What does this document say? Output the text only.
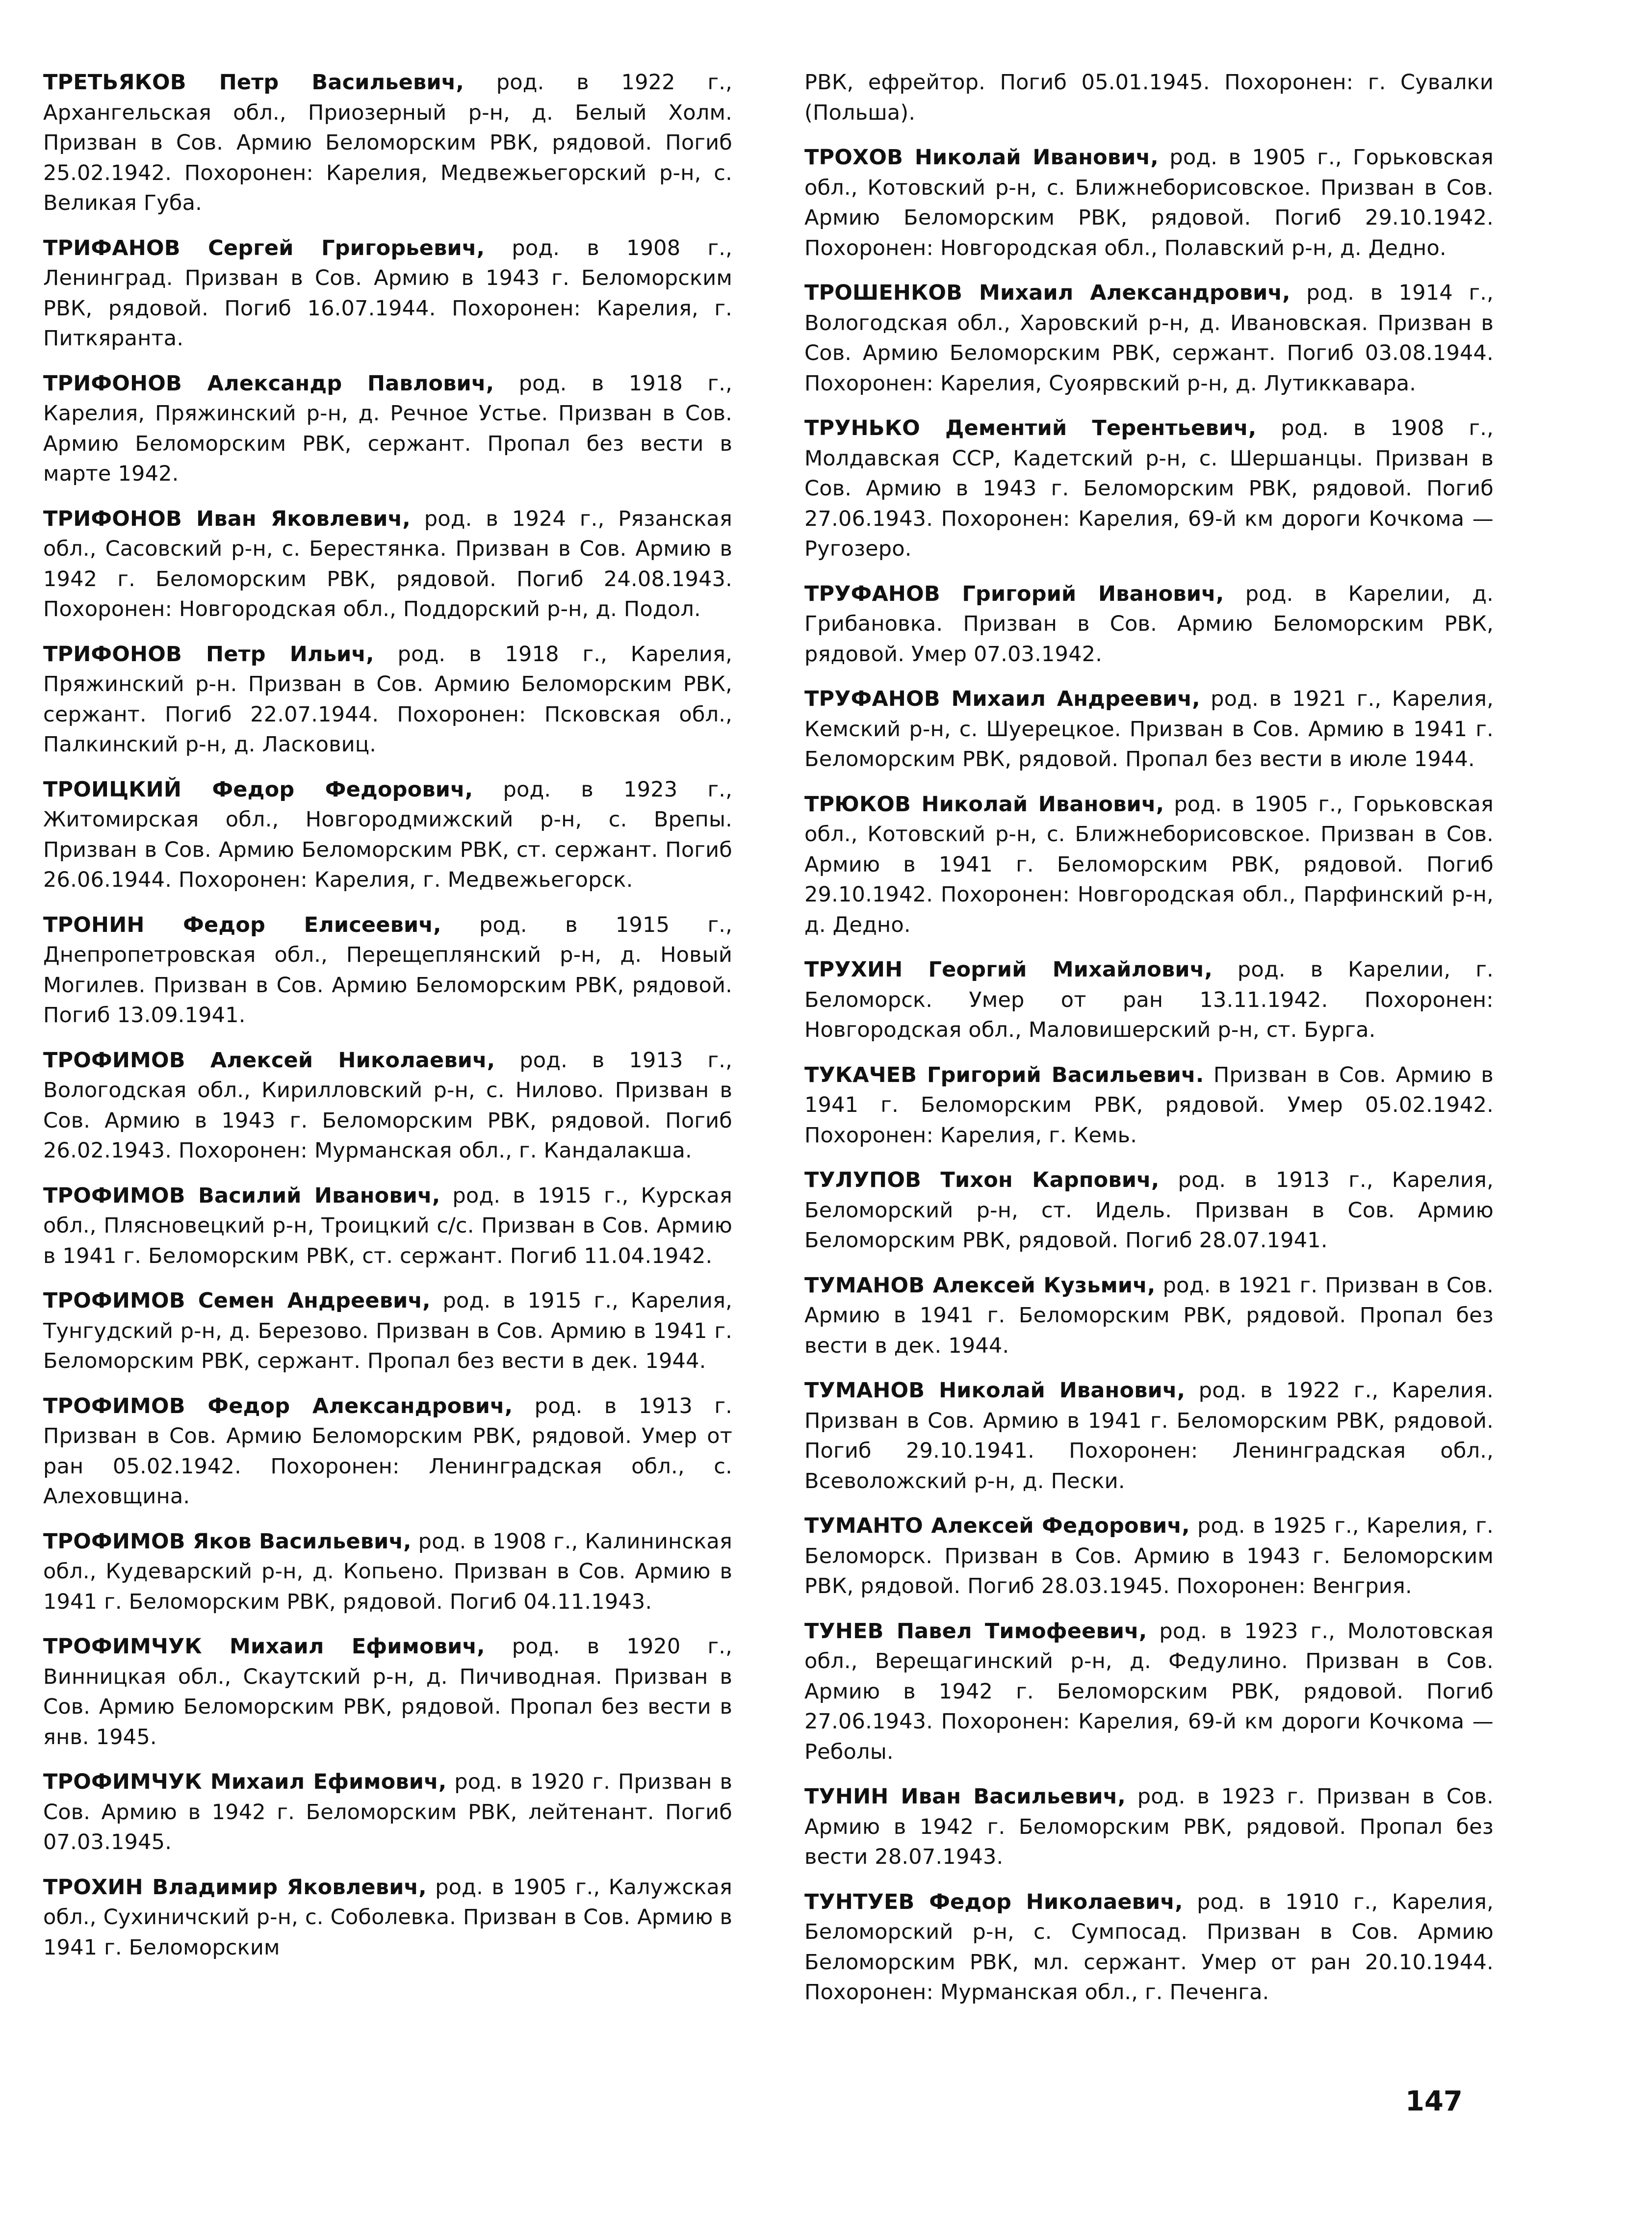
ТРЕТЬЯКОВ Петр Васильевич, род. в 1922 г., Архангельская обл., Приозерный р-н, д. Белый Холм. Призван в Сов. Армию Беломорским РВК, рядовой. Погиб 25.02.1942. Похоронен: Карелия, Медвежьегорский р-н, с. Великая Губа.

ТРИФАНОВ Сергей Григорьевич, род. в 1908 г., Ленинград. Призван в Сов. Армию в 1943 г. Беломорским РВК, рядовой. Погиб 16.07.1944. Похоронен: Карелия, г. Питкяранта.

ТРИФОНОВ Александр Павлович, род. в 1918 г., Карелия, Пряжинский р-н, д. Речное Устье. Призван в Сов. Армию Беломорским РВК, сержант. Пропал без вести в марте 1942.

ТРИФОНОВ Иван Яковлевич, род. в 1924 г., Рязанская обл., Сасовский р-н, с. Берестянка. Призван в Сов. Армию в 1942 г. Беломорским РВК, рядовой. Погиб 24.08.1943. Похоронен: Новгородская обл., Поддорский р-н, д. Подол.

ТРИФОНОВ Петр Ильич, род. в 1918 г., Карелия, Пряжинский р-н. Призван в Сов. Армию Беломорским РВК, сержант. Погиб 22.07.1944. Похоронен: Псковская обл., Палкинский р-н, д. Ласковиц.

ТРОИЦКИЙ Федор Федорович, род. в 1923 г., Житомирская обл., Новгородмижский р-н, с. Врепы. Призван в Сов. Армию Беломорским РВК, ст. сержант. Погиб 26.06.1944. Похоронен: Карелия, г. Медвежьегорск.

ТРОНИН Федор Елисеевич, род. в 1915 г., Днепропетровская обл., Перещеплянский р-н, д. Новый Могилев. Призван в Сов. Армию Беломорским РВК, рядовой. Погиб 13.09.1941.

ТРОФИМОВ Алексей Николаевич, род. в 1913 г., Вологодская обл., Кирилловский р-н, с. Нилово. Призван в Сов. Армию в 1943 г. Беломорским РВК, рядовой. Погиб 26.02.1943. Похоронен: Мурманская обл., г. Кандалакша.

ТРОФИМОВ Василий Иванович, род. в 1915 г., Курская обл., Плясновецкий р-н, Троицкий с/с. Призван в Сов. Армию в 1941 г. Беломорским РВК, ст. сержант. Погиб 11.04.1942.

ТРОФИМОВ Семен Андреевич, род. в 1915 г., Карелия, Тунгудский р-н, д. Березово. Призван в Сов. Армию в 1941 г. Беломорским РВК, сержант. Пропал без вести в дек. 1944.

ТРОФИМОВ Федор Александрович, род. в 1913 г. Призван в Сов. Армию Беломорским РВК, рядовой. Умер от ран 05.02.1942. Похоронен: Ленинградская обл., с. Алеховщина.

ТРОФИМОВ Яков Васильевич, род. в 1908 г., Калининская обл., Кудеварский р-н, д. Копьено. Призван в Сов. Армию в 1941 г. Беломорским РВК, рядовой. Погиб 04.11.1943.

ТРОФИМЧУК Михаил Ефимович, род. в 1920 г., Винницкая обл., Скаутский р-н, д. Пичиводная. Призван в Сов. Армию Беломорским РВК, рядовой. Пропал без вести в янв. 1945.

ТРОФИМЧУК Михаил Ефимович, род. в 1920 г. Призван в Сов. Армию в 1942 г. Беломорским РВК, лейтенант. Погиб 07.03.1945.

ТРОХИН Владимир Яковлевич, род. в 1905 г., Калужская обл., Сухиничский р-н, с. Соболевка. Призван в Сов. Армию в 1941 г. Беломорским

РВК, ефрейтор. Погиб 05.01.1945. Похоронен: г. Сувалки (Польша).

ТРОХОВ Николай Иванович, род. в 1905 г., Горьковская обл., Котовский р-н, с. Ближнеборисовское. Призван в Сов. Армию Беломорским РВК, рядовой. Погиб 29.10.1942. Похоронен: Новгородская обл., Полавский р-н, д. Дедно.

ТРОШЕНКОВ Михаил Александрович, род. в 1914 г., Вологодская обл., Харовский р-н, д. Ивановская. Призван в Сов. Армию Беломорским РВК, сержант. Погиб 03.08.1944. Похоронен: Карелия, Суоярвский р-н, д. Лутиккавара.

ТРУНЬКО Дементий Терентьевич, род. в 1908 г., Молдавская ССР, Кадетский р-н, с. Шершанцы. Призван в Сов. Армию в 1943 г. Беломорским РВК, рядовой. Погиб 27.06.1943. Похоронен: Карелия, 69-й км дороги Кочкома — Ругозеро.

ТРУФАНОВ Григорий Иванович, род. в Карелии, д. Грибановка. Призван в Сов. Армию Беломорским РВК, рядовой. Умер 07.03.1942.

ТРУФАНОВ Михаил Андреевич, род. в 1921 г., Карелия, Кемский р-н, с. Шуерецкое. Призван в Сов. Армию в 1941 г. Беломорским РВК, рядовой. Пропал без вести в июле 1944.

ТРЮКОВ Николай Иванович, род. в 1905 г., Горьковская обл., Котовский р-н, с. Ближнеборисовское. Призван в Сов. Армию в 1941 г. Беломорским РВК, рядовой. Погиб 29.10.1942. Похоронен: Новгородская обл., Парфинский р-н, д. Дедно.

ТРУХИН Георгий Михайлович, род. в Карелии, г. Беломорск. Умер от ран 13.11.1942. Похоронен: Новгородская обл., Маловишерский р-н, ст. Бурга.

ТУКАЧЕВ Григорий Васильевич. Призван в Сов. Армию в 1941 г. Беломорским РВК, рядовой. Умер 05.02.1942. Похоронен: Карелия, г. Кемь.

ТУЛУПОВ Тихон Карпович, род. в 1913 г., Карелия, Беломорский р-н, ст. Идель. Призван в Сов. Армию Беломорским РВК, рядовой. Погиб 28.07.1941.

ТУМАНОВ Алексей Кузьмич, род. в 1921 г. Призван в Сов. Армию в 1941 г. Беломорским РВК, рядовой. Пропал без вести в дек. 1944.

ТУМАНОВ Николай Иванович, род. в 1922 г., Карелия. Призван в Сов. Армию в 1941 г. Беломорским РВК, рядовой. Погиб 29.10.1941. Похоронен: Ленинградская обл., Всеволожский р-н, д. Пески.

ТУМАНТО Алексей Федорович, род. в 1925 г., Карелия, г. Беломорск. Призван в Сов. Армию в 1943 г. Беломорским РВК, рядовой. Погиб 28.03.1945. Похоронен: Венгрия.

ТУНЕВ Павел Тимофеевич, род. в 1923 г., Молотовская обл., Верещагинский р-н, д. Федулино. Призван в Сов. Армию в 1942 г. Беломорским РВК, рядовой. Погиб 27.06.1943. Похоронен: Карелия, 69-й км дороги Кочкома — Реболы.

ТУНИН Иван Васильевич, род. в 1923 г. Призван в Сов. Армию в 1942 г. Беломорским РВК, рядовой. Пропал без вести 28.07.1943.

ТУНТУЕВ Федор Николаевич, род. в 1910 г., Карелия, Беломорский р-н, с. Сумпосад. Призван в Сов. Армию Беломорским РВК, мл. сержант. Умер от ран 20.10.1944. Похоронен: Мурманская обл., г. Печенга.

147
